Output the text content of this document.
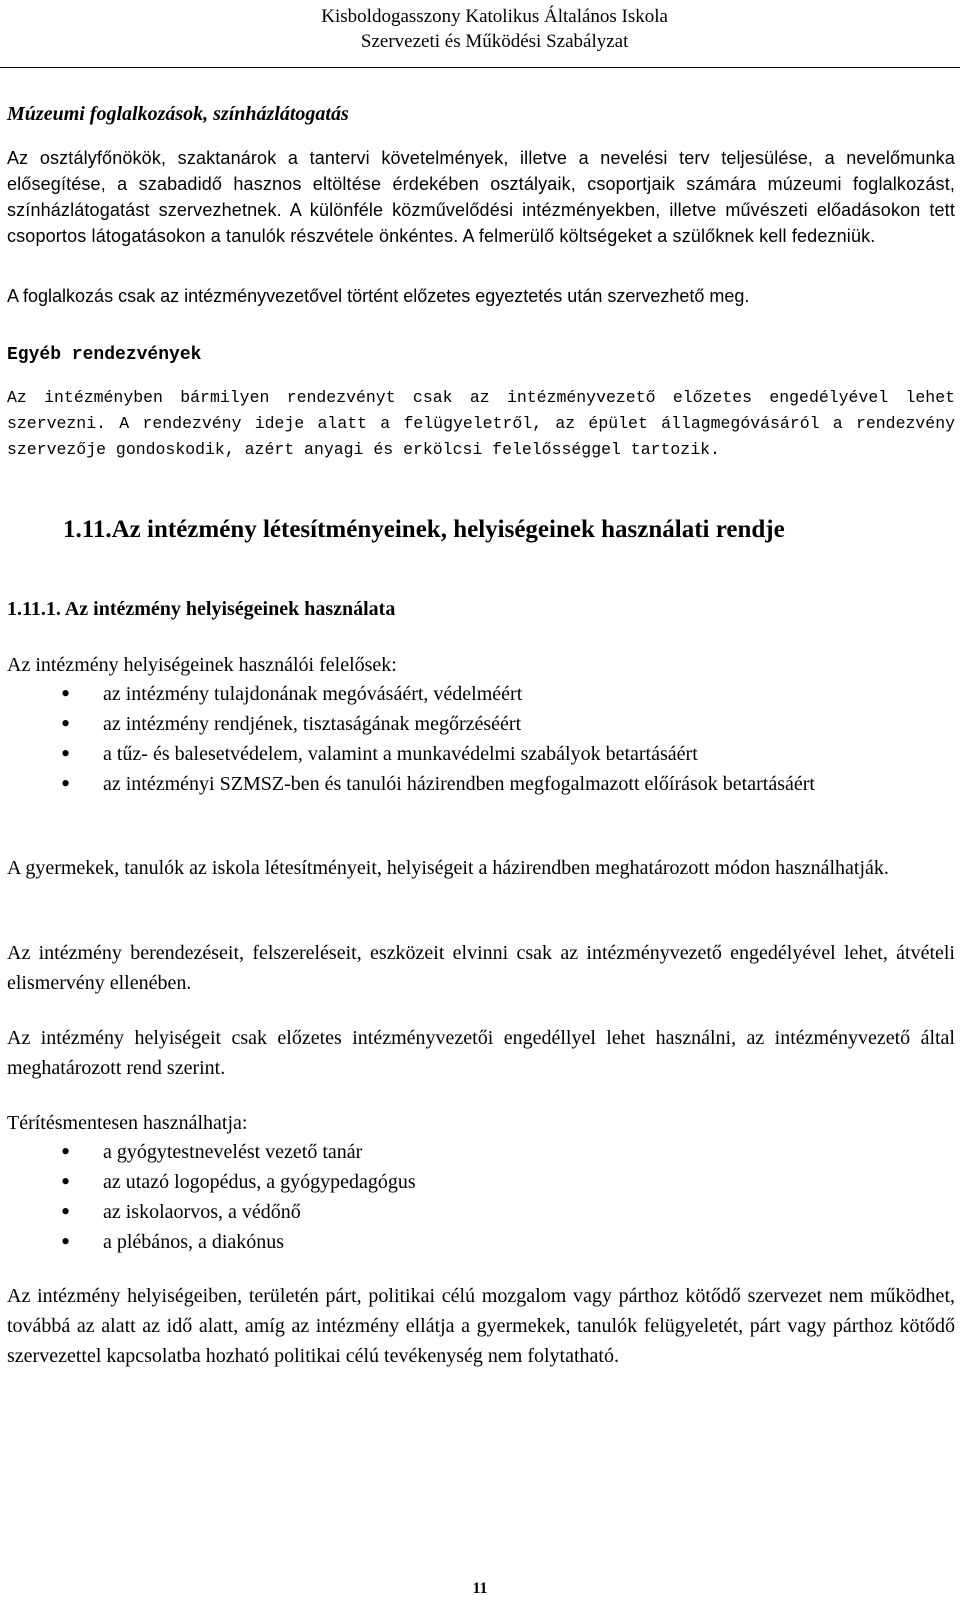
Kisboldogasszony Katolikus Általános Iskola
Szervezeti és Működési Szabályzat
Múzeumi foglalkozások, színházlátogatás
Az osztályfőnökök, szaktanárok a tantervi követelmények, illetve a nevelési terv teljesülése, a nevelőmunka elősegítése, a szabadidő hasznos eltöltése érdekében osztályaik, csoportjaik számára múzeumi foglalkozást, színházlátogatást szervezhetnek. A különféle közművelődési intézményekben, illetve művészeti előadásokon tett csoportos látogatásokon a tanulók részvétele önkéntes. A felmerülő költségeket a szülőknek kell fedezniük.
A foglalkozás csak az intézményvezetővel történt előzetes egyeztetés után szervezhető meg.
Egyéb rendezvények
Az intézményben bármilyen rendezvényt csak az intézményvezető előzetes engedélyével lehet szervezni. A rendezvény ideje alatt a felügyeletről, az épület állagmegóvásáról a rendezvény szervezője gondoskodik, azért anyagi és erkölcsi felelősséggel tartozik.
1.11.Az intézmény létesítményeinek, helyiségeinek használati rendje
1.11.1. Az intézmény helyiségeinek használata
Az intézmény helyiségeinek használói felelősek:
• az intézmény tulajdonának megóvásáért, védelméért
• az intézmény rendjének, tisztaságának megőrzéséért
• a tűz- és balesetvédelem, valamint a munkavédelmi szabályok betartásáért
• az intézményi SZMSZ-ben és tanulói házirendben megfogalmazott előírások betartásáért
A gyermekek, tanulók az iskola létesítményeit, helyiségeit a házirendben meghatározott módon használhatják.
Az intézmény berendezéseit, felszereléseit, eszközeit elvinni csak az intézményvezető engedélyével lehet, átvételi elismervény ellenében.
Az intézmény helyiségeit csak előzetes intézményvezetői engedéllyel lehet használni, az intézményvezető által meghatározott rend szerint.
Térítésmentesen használhatja:
• a gyógytestnevelést vezető tanár
• az utazó logopédus, a gyógypedagógus
• az iskolaorvos, a védőnő
• a plébános, a diakónus
Az intézmény helyiségeiben, területén párt, politikai célú mozgalom vagy párthoz kötődő szervezet nem működhet, továbbá az alatt az idő alatt, amíg az intézmény ellátja a gyermekek, tanulók felügyeletét, párt vagy párthoz kötődő szervezettel kapcsolatba hozható politikai célú tevékenység nem folytatható.
11
